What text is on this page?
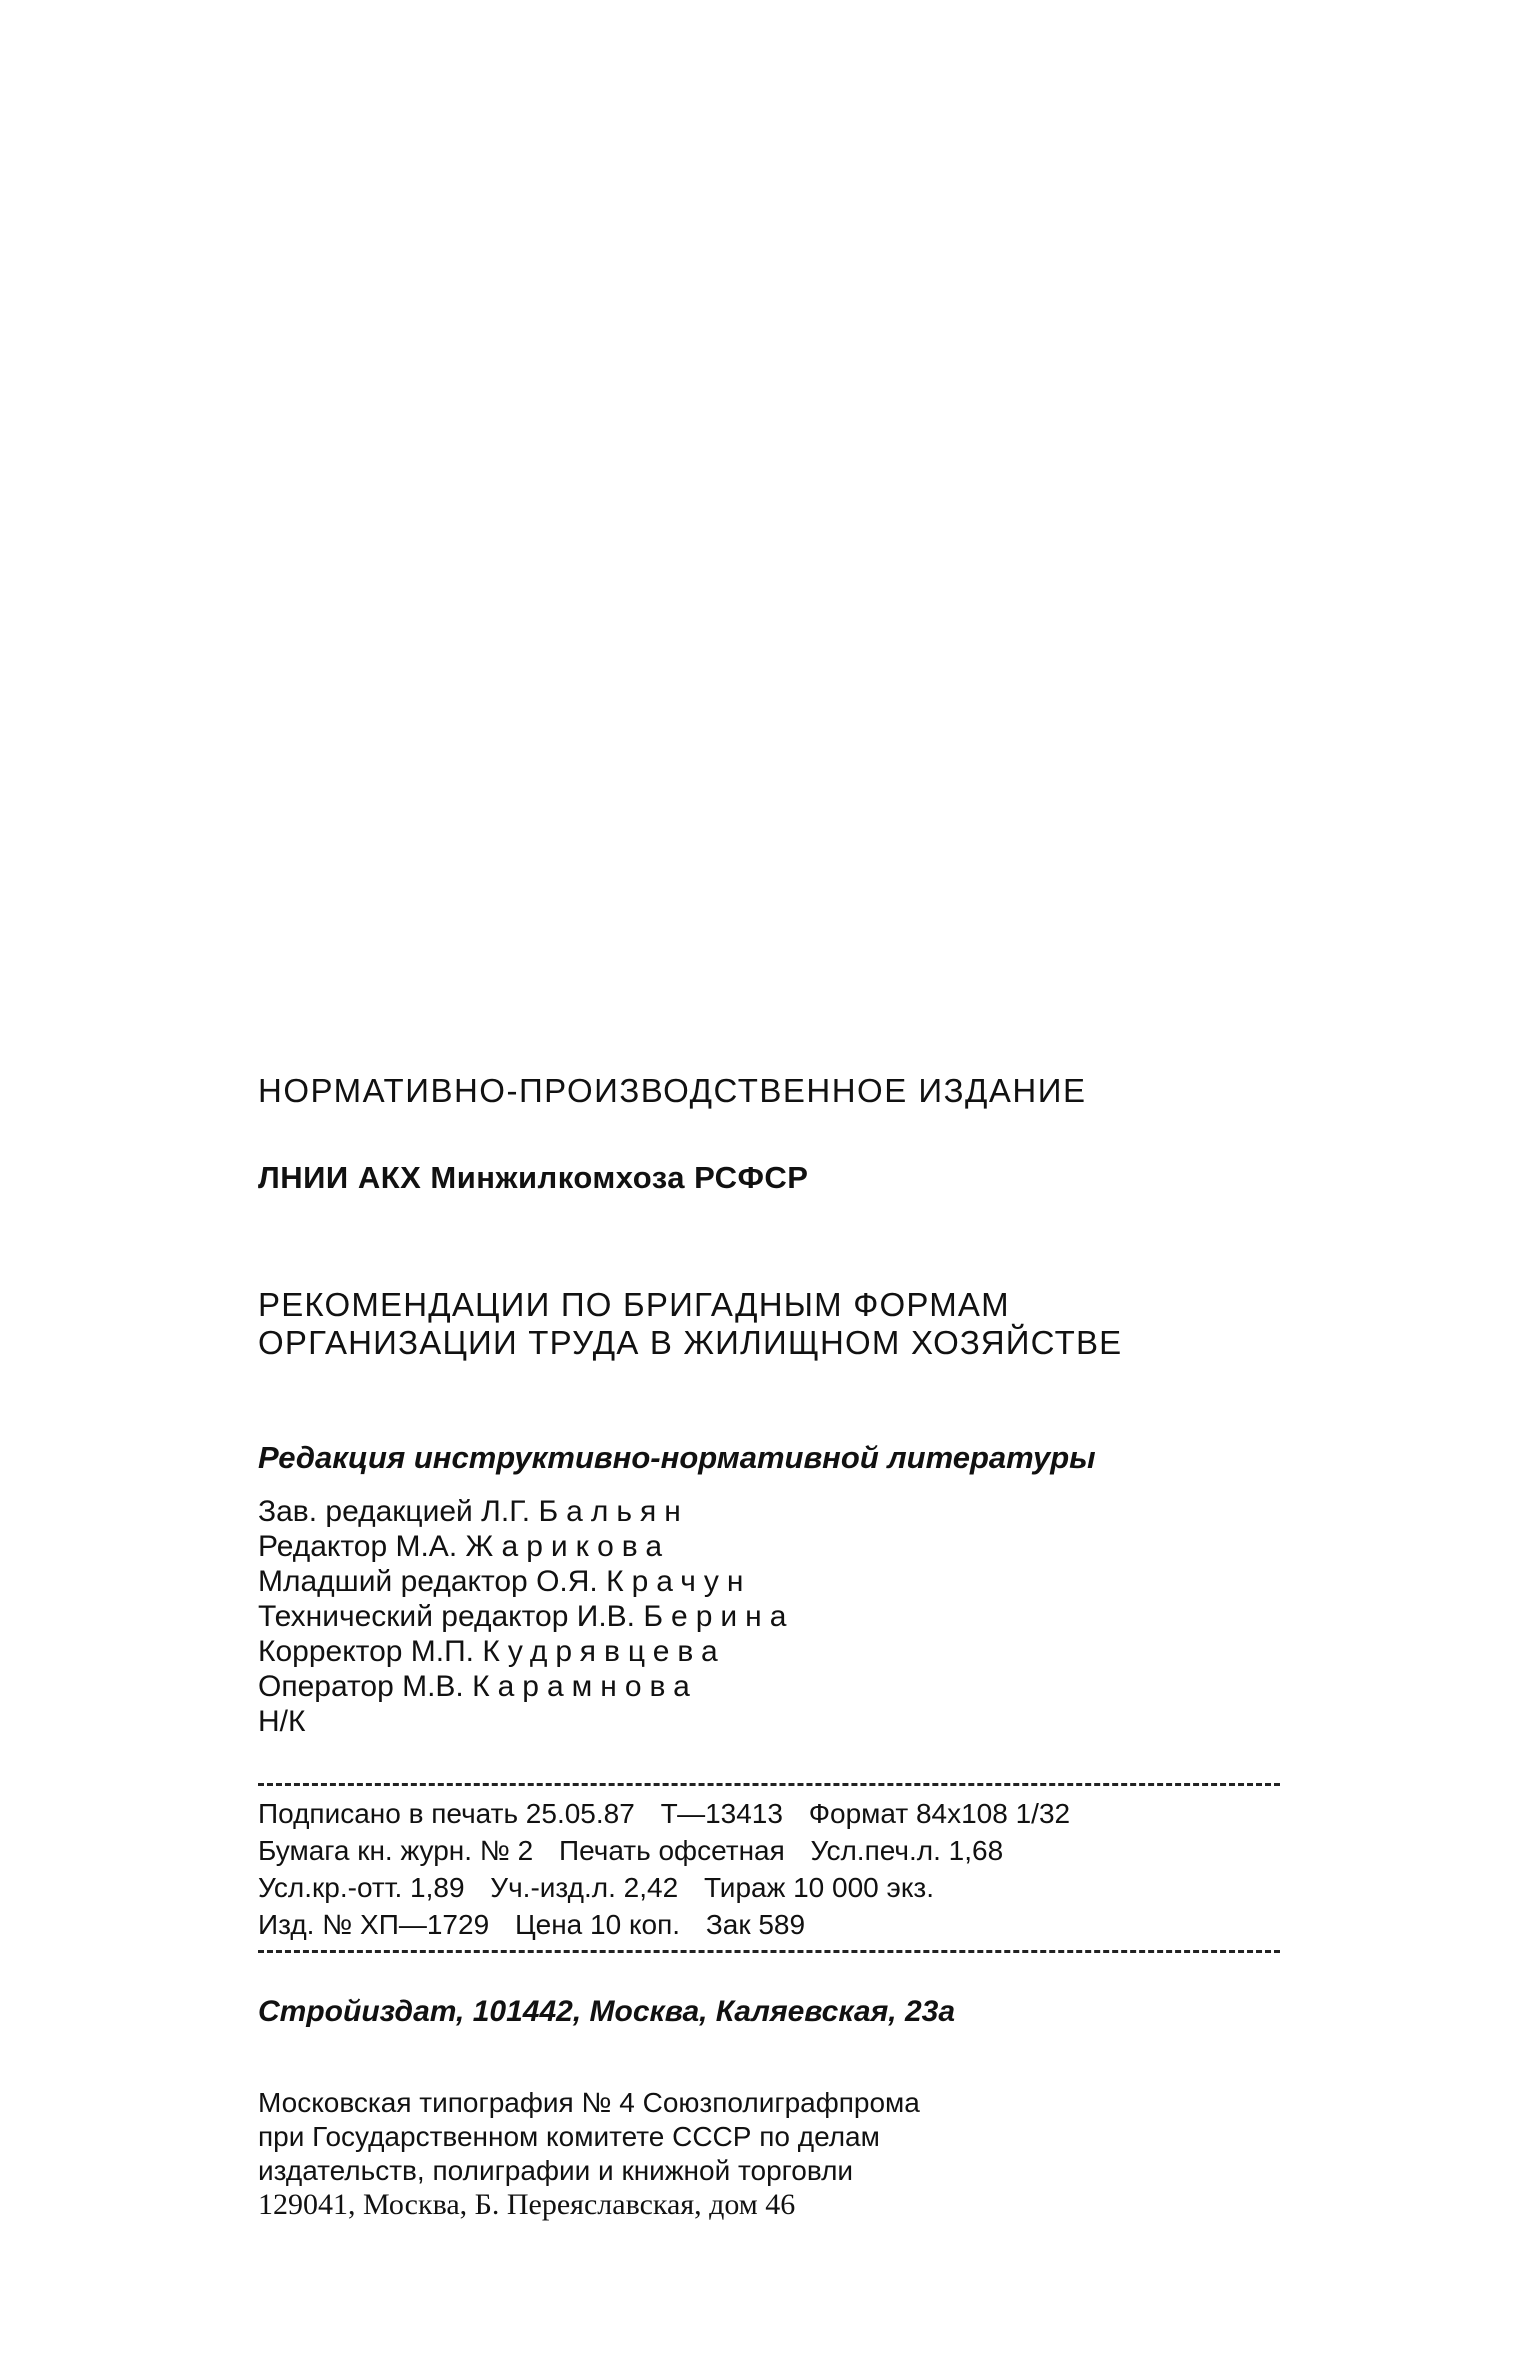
НОРМАТИВНО-ПРОИЗВОДСТВЕННОЕ ИЗДАНИЕ
ЛНИИ АКХ Минжилкомхоза РСФСР
РЕКОМЕНДАЦИИ ПО БРИГАДНЫМ ФОРМАМ
ОРГАНИЗАЦИИ ТРУДА В ЖИЛИЩНОМ ХОЗЯЙСТВЕ
Редакция инструктивно-нормативной литературы
Зав. редакцией Л.Г. Бальян
Редактор М.А. Жарикова
Младший редактор О.Я. Крачун
Технический редактор И.В. Берина
Корректор М.П. Кудрявцева
Оператор М.В. Карамнова
Н/К
Подписано в печать 25.05.87 Т—13413 Формат 84x108 1/32
Бумага кн. журн. № 2 Печать офсетная Усл.печ.л. 1,68
Усл.кр.-отт. 1,89 Уч.-изд.л. 2,42 Тираж 10 000 экз.
Изд. № ХП—1729 Цена 10 коп. Зак 589
Стройиздат, 101442, Москва, Каляевская, 23а
Московская типография № 4 Союзполиграфпрома
при Государственном комитете СССР по делам
издательств, полиграфии и книжной торговли
129041, Москва, Б. Переяславская, дом 46
